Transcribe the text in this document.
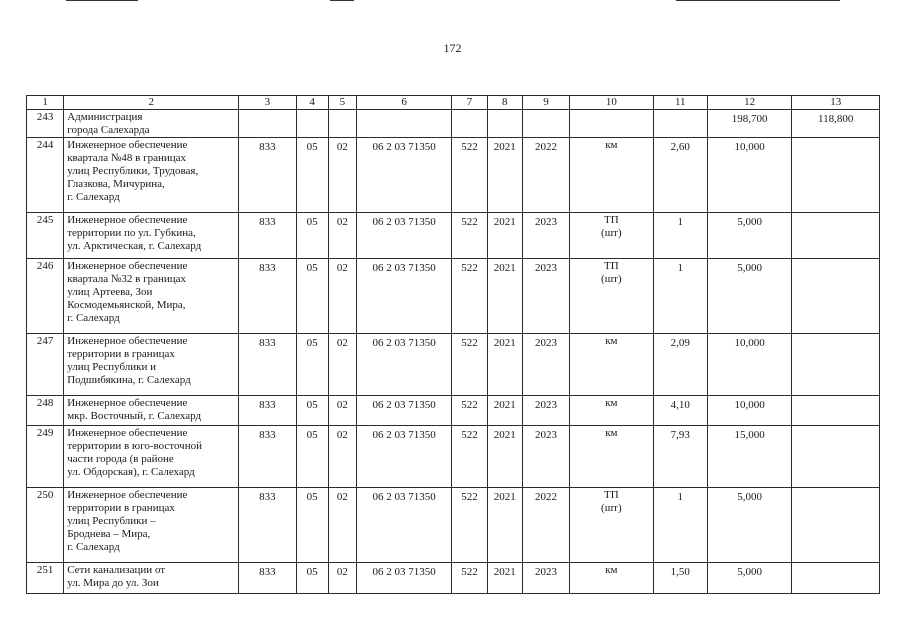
172
1	2	3	4	5	6	7	8	9	10	11	12	13
243	Администрация
города Салехарда										198,700	118,800
244	Инженерное обеспечение
квартала №48 в границах
улиц Республики, Трудовая,
Глазкова, Мичурина,
г. Салехард	833	05	02	06 2 03 71350	522	2021	2022	км	2,60	10,000	
245	Инженерное обеспечение
территории по ул. Губкина,
ул. Арктическая, г. Салехард	833	05	02	06 2 03 71350	522	2021	2023	ТП
(шт)	1	5,000	
246	Инженерное обеспечение
квартала №32 в границах
улиц Артеева, Зои
Космодемьянской, Мира,
г. Салехард	833	05	02	06 2 03 71350	522	2021	2023	ТП
(шт)	1	5,000	
247	Инженерное обеспечение
территории в границах
улиц Республики и
Подшибякина, г. Салехард	833	05	02	06 2 03 71350	522	2021	2023	км	2,09	10,000	
248	Инженерное обеспечение
мкр. Восточный, г. Салехард	833	05	02	06 2 03 71350	522	2021	2023	км	4,10	10,000	
249	Инженерное обеспечение
территории в юго-восточной
части города (в районе
ул. Обдорская), г. Салехард	833	05	02	06 2 03 71350	522	2021	2023	км	7,93	15,000	
250	Инженерное обеспечение
территории в границах
улиц Республики –
Броднева – Мира,
г. Салехард	833	05	02	06 2 03 71350	522	2021	2022	ТП
(шт)	1	5,000	
251	Сети канализации от
ул. Мира до ул. Зои	833	05	02	06 2 03 71350	522	2021	2023	км	1,50	5,000	
